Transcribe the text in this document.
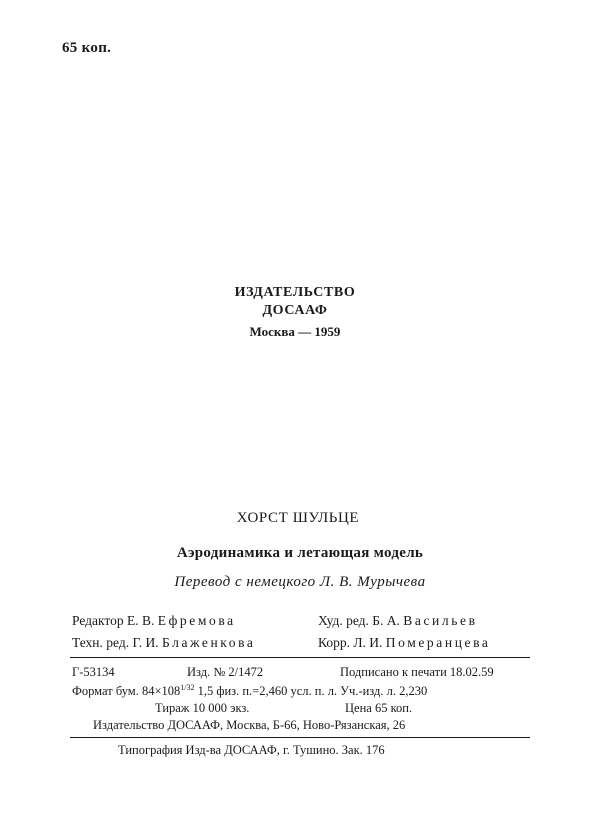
65 коп.
ИЗДАТЕЛЬСТВО
ДОСААФ
Москва — 1959
ХОРСТ ШУЛЬЦЕ
Аэродинамика и летающая модель
Перевод с немецкого Л. В. Мурычева
Редактор Е. В. Ефремова	Худ. ред. Б. А. Васильев
Техн. ред. Г. И. Блаженкова	Корр. Л. И. Померанцева
Г-53134	Изд. № 2/1472	Подписано к печати 18.02.59
Формат бум. $84\times 108^{1/32}$ 1,5 физ. п.=2,460 усл. п. л. Уч.-изд. л. 2,230
Тираж 10 000 экз.	Цена 65 коп.
Издательство ДОСААФ, Москва, Б-66, Ново-Рязанская, 26
Типография Изд-ва ДОСААФ, г. Тушино. Зак. 176
